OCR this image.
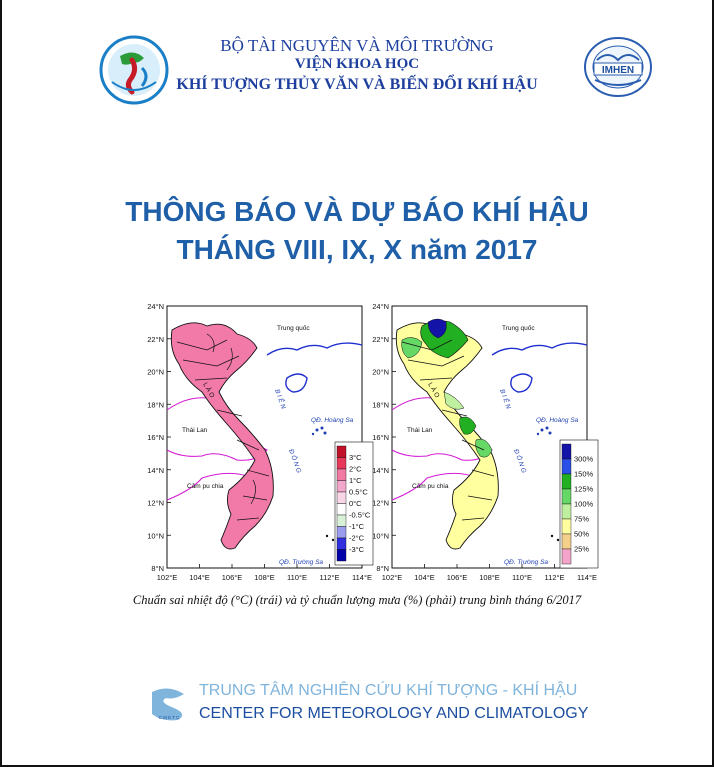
IMHEN
BỘ TÀI NGUYÊN VÀ MÔI TRƯỜNG
VIỆN KHOA HỌC
KHÍ TƯỢNG THỦY VĂN VÀ BIẾN ĐỔI KHÍ HẬU
THÔNG BÁO VÀ DỰ BÁO KHÍ HẬU
THÁNG VIII, IX, X năm 2017
24°N
22°N
20°N
18°N
16°N
14°N
12°N
10°N
8°N
102°E 104°E 106°E 108°E 110°E 112°E 114°E
Trung quốc
Thái Lan
Căm pu chia
QĐ. Hoàng Sa
QĐ. Trường Sa
B I Ể N
Đ Ô N G
L À O
3°C
2°C
1°C
0.5°C
0°C
-0.5°C
-1°C
-2°C
-3°C
24°N
22°N
20°N
18°N
16°N
14°N
12°N
10°N
8°N
102°E 104°E 106°E 108°E 110°E 112°E 114°E
Trung quốc
Thái Lan
Căm pu chia
QĐ. Hoàng Sa
QĐ. Trường Sa
B I Ể N
Đ Ô N G
L À O
300%
150%
125%
100%
75%
50%
25%
Chuẩn sai nhiệt độ (°C) (trái) và tỷ chuẩn lượng mưa (%) (phải) trung bình tháng 6/2017
C M E T C
TRUNG TÂM NGHIÊN CỨU KHÍ TƯỢNG - KHÍ HẬU
CENTER FOR METEOROLOGY AND CLIMATOLOGY
